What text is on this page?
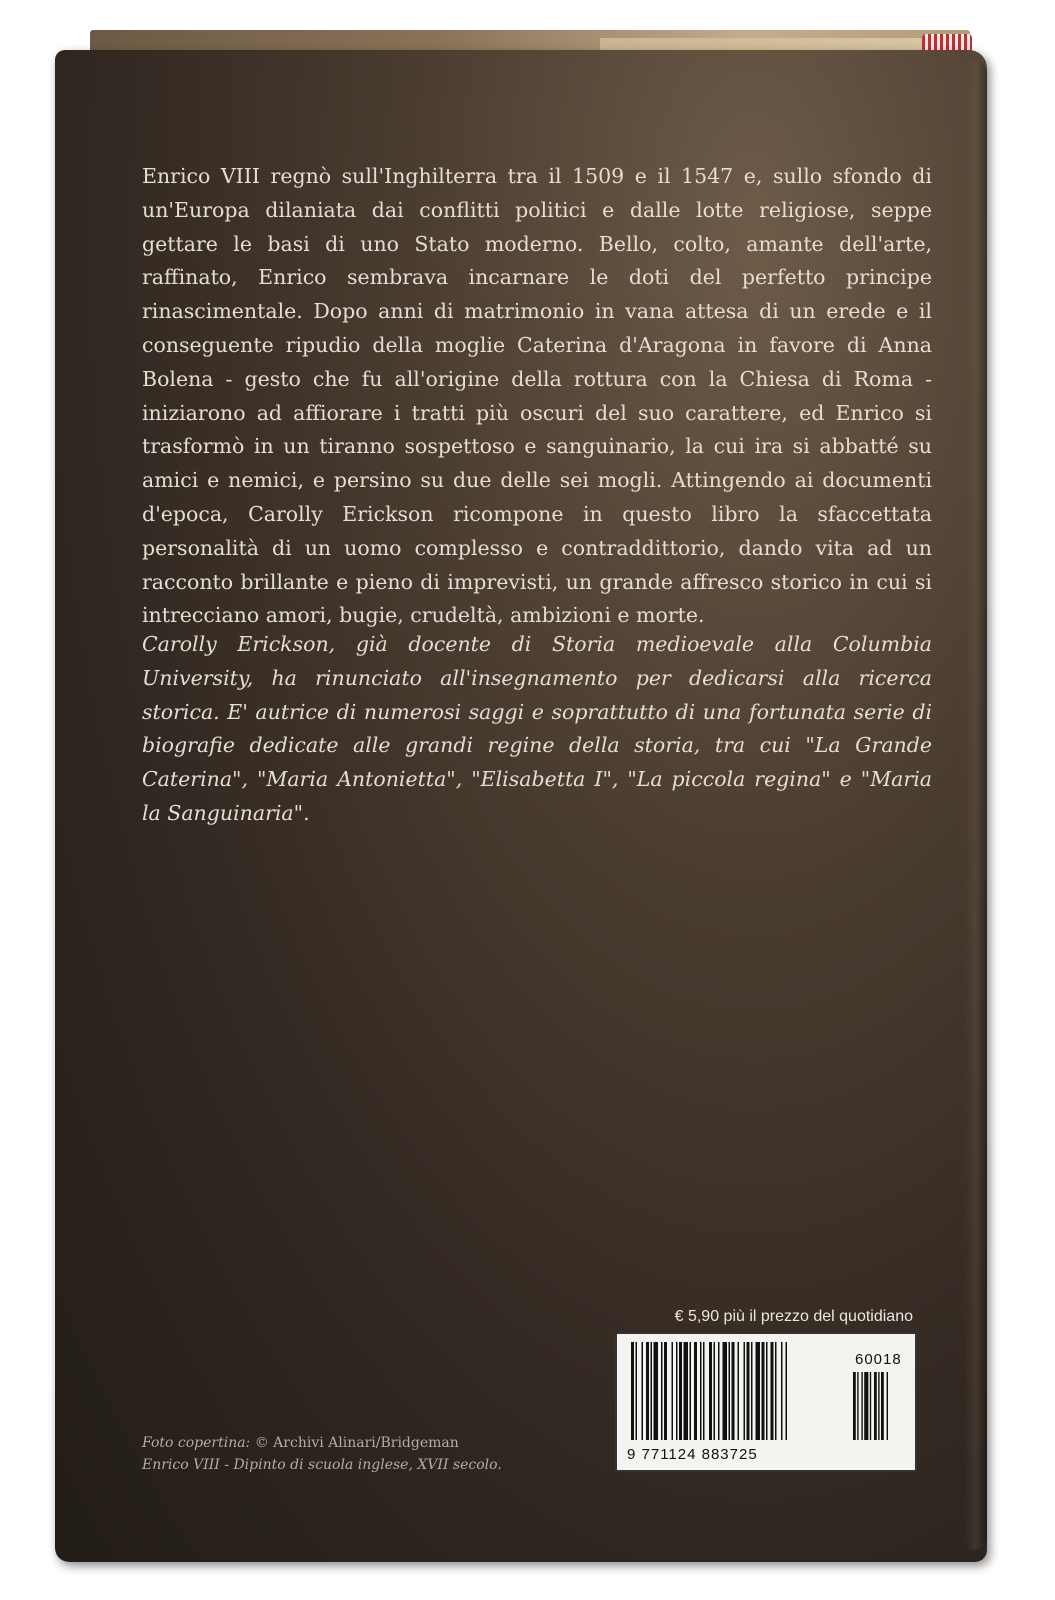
Enrico VIII regnò sull'Inghilterra tra il 1509 e il 1547 e, sullo sfondo di un'Europa dilaniata dai conflitti politici e dalle lotte religiose, seppe gettare le basi di uno Stato moderno. Bello, colto, amante dell'arte, raffinato, Enrico sembrava incarnare le doti del perfetto principe rinascimentale. Dopo anni di matrimonio in vana attesa di un erede e il conseguente ripudio della moglie Caterina d'Aragona in favore di Anna Bolena - gesto che fu all'origine della rottura con la Chiesa di Roma - iniziarono ad affiorare i tratti più oscuri del suo carattere, ed Enrico si trasformò in un tiranno sospettoso e sanguinario, la cui ira si abbatté su amici e nemici, e persino su due delle sei mogli. Attingendo ai documenti d'epoca, Carolly Erickson ricompone in questo libro la sfaccettata personalità di un uomo complesso e contraddittorio, dando vita ad un racconto brillante e pieno di imprevisti, un grande affresco storico in cui si intrecciano amori, bugie, crudeltà, ambizioni e morte.

Carolly Erickson, già docente di Storia medioevale alla Columbia University, ha rinunciato all'insegnamento per dedicarsi alla ricerca storica. E' autrice di numerosi saggi e soprattutto di una fortunata serie di biografie dedicate alle grandi regine della storia, tra cui "La Grande Caterina", "Maria Antonietta", "Elisabetta I", "La piccola regina" e "Maria la Sanguinaria".

€ 5,90 più il prezzo del quotidiano
60018
9 771124 883725
Foto copertina: © Archivi Alinari/Bridgeman
Enrico VIII - Dipinto di scuola inglese, XVII secolo.
